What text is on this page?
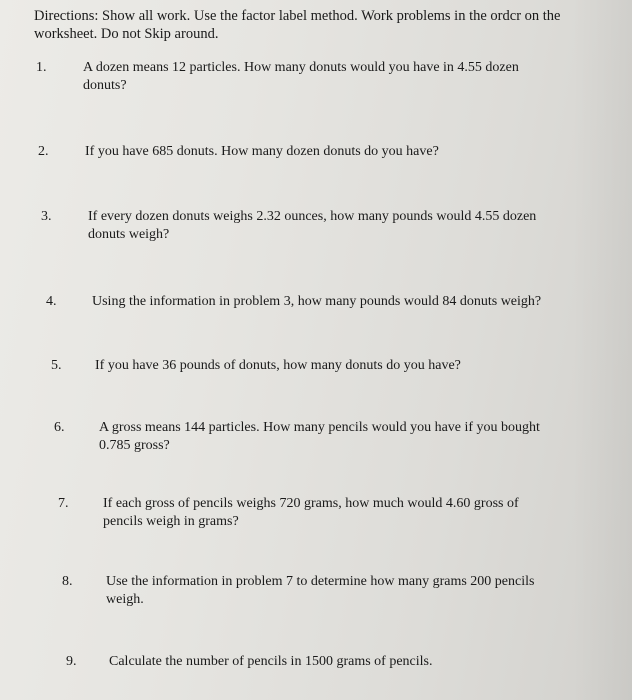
Directions: Show all work. Use the factor label method. Work problems in the ordcr on the worksheet. Do not Skip around.
1.	A dozen means 12 particles. How many donuts would you have in 4.55 dozen donuts?
2.	If you have 685 donuts. How many dozen donuts do you have?
3.	If every dozen donuts weighs 2.32 ounces, how many pounds would 4.55 dozen donuts weigh?
4.	Using the information in problem 3, how many pounds would 84 donuts weigh?
5.	If you have 36 pounds of donuts, how many donuts do you have?
6.	A gross means 144 particles. How many pencils would you have if you bought 0.785 gross?
7.	If each gross of pencils weighs 720 grams, how much would 4.60 gross of pencils weigh in grams?
8.	Use the information in problem 7 to determine how many grams 200 pencils weigh.
9.	Calculate the number of pencils in 1500 grams of pencils.
